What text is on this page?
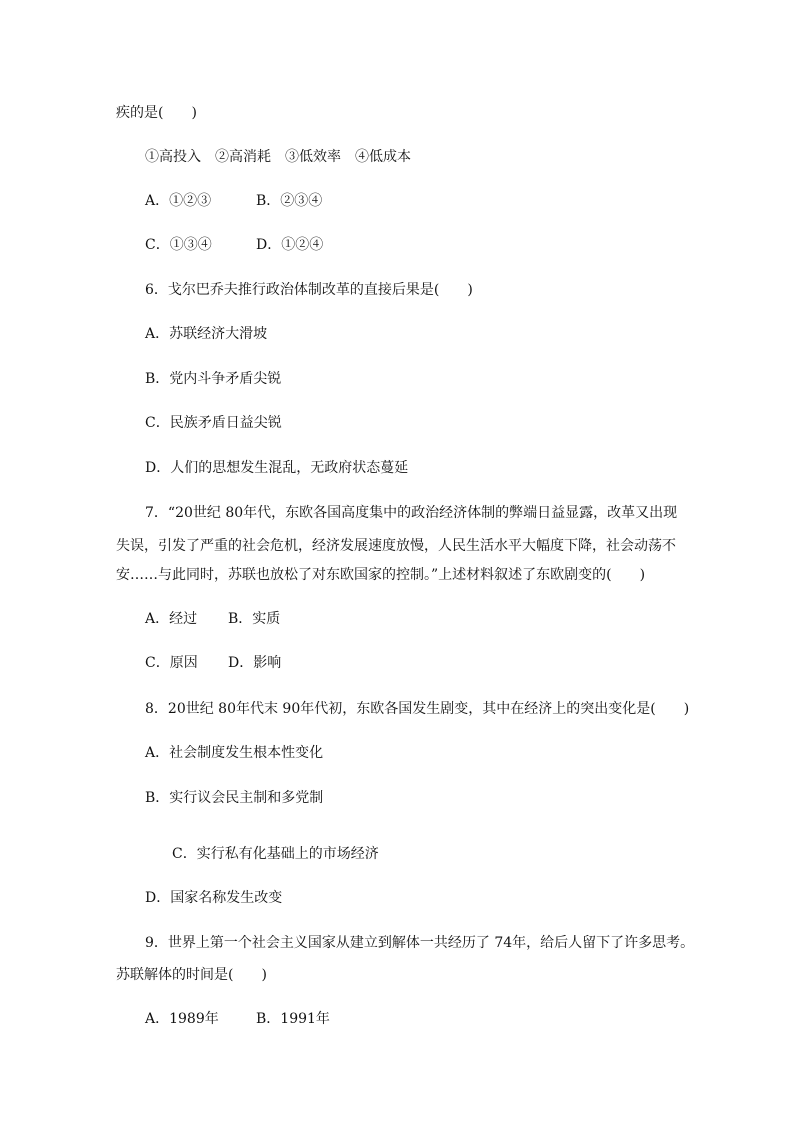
疾的是(　　)
①高投入　②高消耗　③低效率　④低成本
A．①②③	B．②③④
C．①③④	D．①②④
6．戈尔巴乔夫推行政治体制改革的直接后果是(　　)
A．苏联经济大滑坡
B．党内斗争矛盾尖锐
C．民族矛盾日益尖锐
D．人们的思想发生混乱，无政府状态蔓延
7．“20世纪 80年代，东欧各国高度集中的政治经济体制的弊端日益显露，改革又出现
失误，引发了严重的社会危机，经济发展速度放慢，人民生活水平大幅度下降，社会动荡不
安……与此同时，苏联也放松了对东欧国家的控制。”上述材料叙述了东欧剧变的(　　)
A．经过 B．实质
C．原因 D．影响
8．20世纪 80年代末 90年代初，东欧各国发生剧变，其中在经济上的突出变化是(　　)
A．社会制度发生根本性变化
B．实行议会民主制和多党制
C．实行私有化基础上的市场经济
D．国家名称发生改变
9．世界上第一个社会主义国家从建立到解体一共经历了 74年，给后人留下了许多思考。
苏联解体的时间是(　　)
A．1989年	B．1991年
